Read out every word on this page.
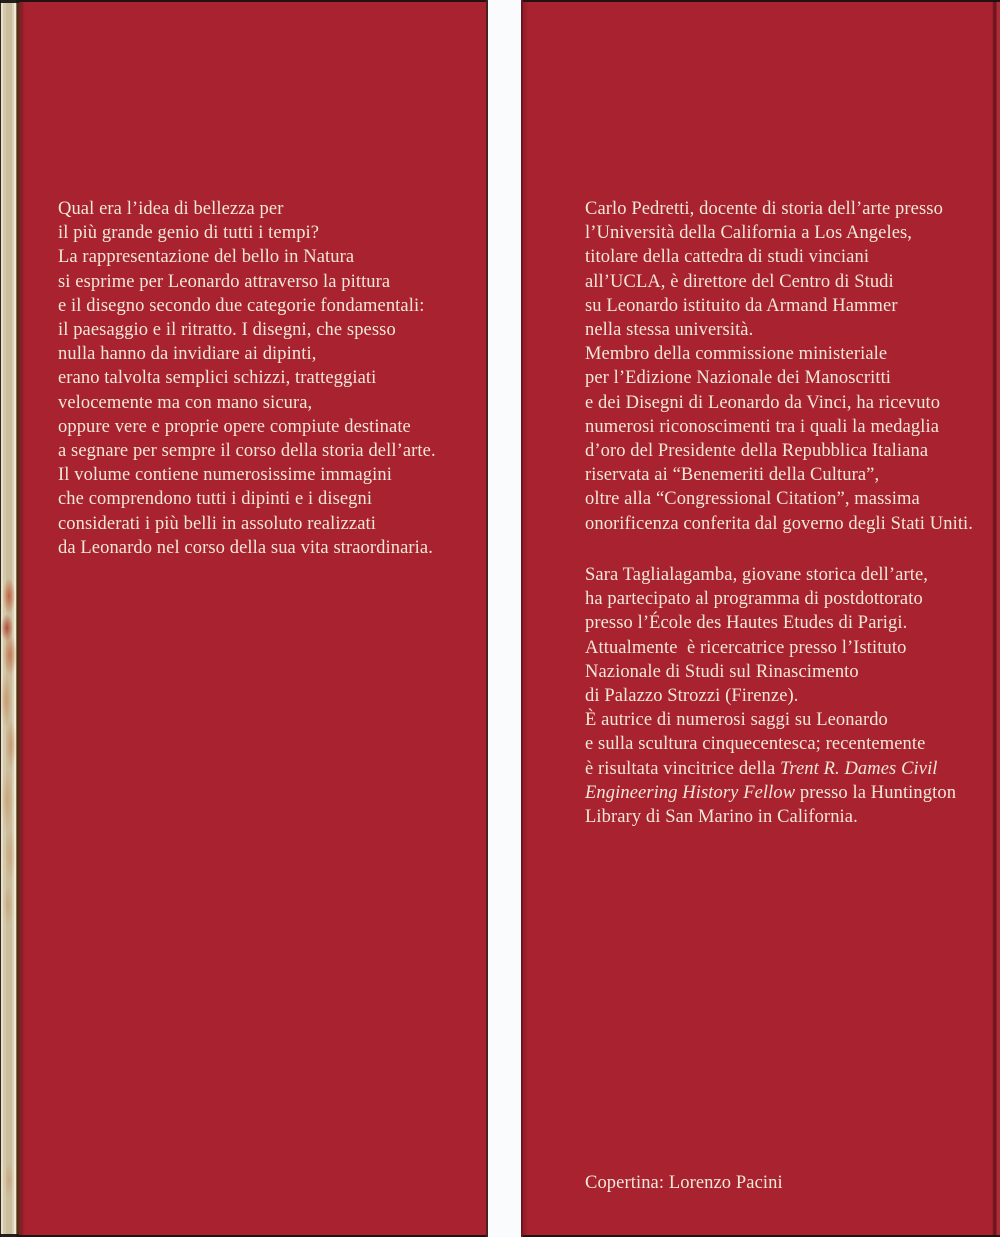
Qual era l’idea di bellezza per
il più grande genio di tutti i tempi?
La rappresentazione del bello in Natura
si esprime per Leonardo attraverso la pittura
e il disegno secondo due categorie fondamentali:
il paesaggio e il ritratto. I disegni, che spesso
nulla hanno da invidiare ai dipinti,
erano talvolta semplici schizzi, tratteggiati
velocemente ma con mano sicura,
oppure vere e proprie opere compiute destinate
a segnare per sempre il corso della storia dell’arte.
Il volume contiene numerosissime immagini
che comprendono tutti i dipinti e i disegni
considerati i più belli in assoluto realizzati
da Leonardo nel corso della sua vita straordinaria.
Carlo Pedretti, docente di storia dell’arte presso
l’Università della California a Los Angeles,
titolare della cattedra di studi vinciani
all’UCLA, è direttore del Centro di Studi
su Leonardo istituito da Armand Hammer
nella stessa università.
Membro della commissione ministeriale
per l’Edizione Nazionale dei Manoscritti
e dei Disegni di Leonardo da Vinci, ha ricevuto
numerosi riconoscimenti tra i quali la medaglia
d’oro del Presidente della Repubblica Italiana
riservata ai “Benemeriti della Cultura”,
oltre alla “Congressional Citation”, massima
onorificenza conferita dal governo degli Stati Uniti.
Sara Taglialagamba, giovane storica dell’arte,
ha partecipato al programma di postdottorato
presso l’École des Hautes Etudes di Parigi.
Attualmente  è ricercatrice presso l’Istituto
Nazionale di Studi sul Rinascimento
di Palazzo Strozzi (Firenze).
È autrice di numerosi saggi su Leonardo
e sulla scultura cinquecentesca; recentemente
è risultata vincitrice della Trent R. Dames Civil
Engineering History Fellow presso la Huntington
Library di San Marino in California.
Copertina: Lorenzo Pacini
